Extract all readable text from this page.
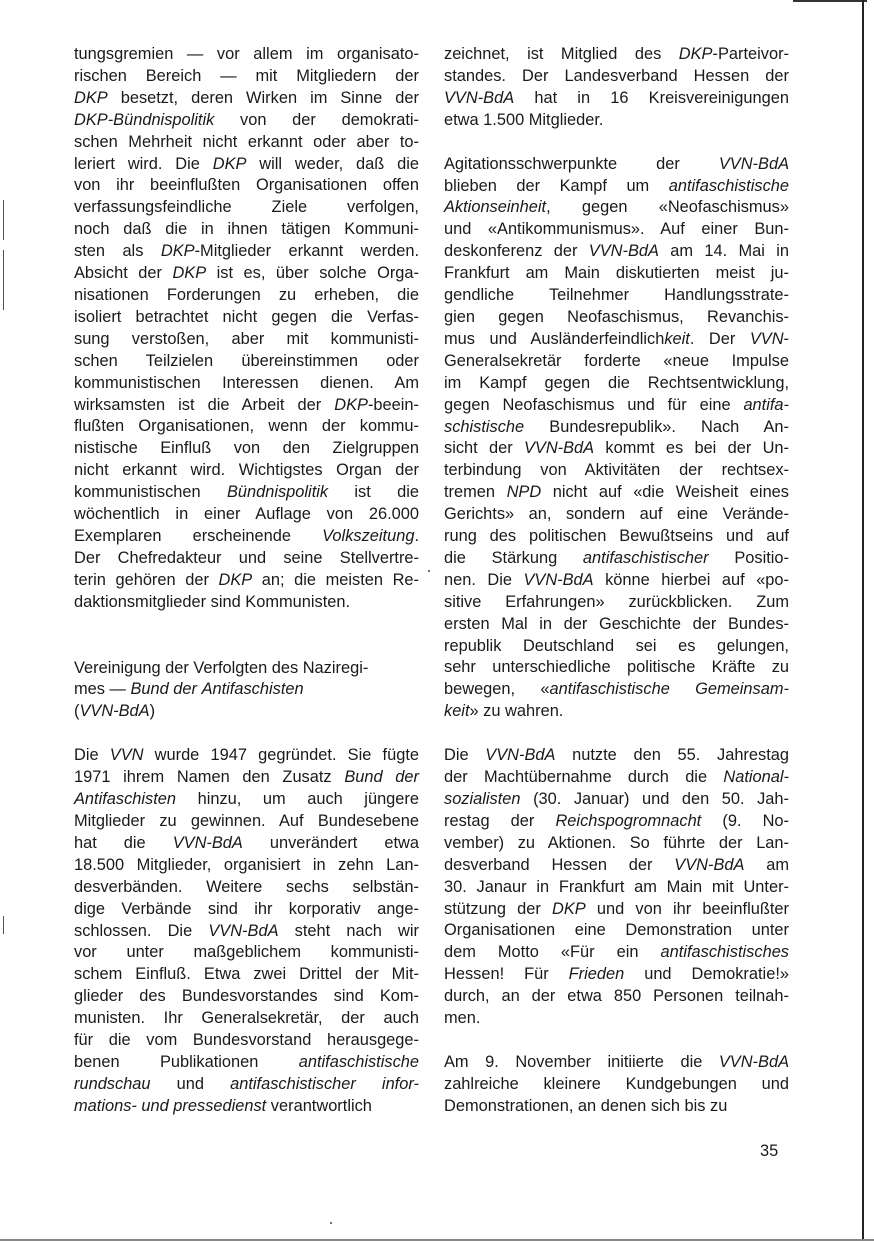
tungsgremien — vor allem im organisato-
rischen Bereich — mit Mitgliedern der
DKP besetzt, deren Wirken im Sinne der
DKP-Bündnispolitik von der demokrati-
schen Mehrheit nicht erkannt oder aber to-
leriert wird. Die DKP will weder, daß die
von ihr beeinflußten Organisationen offen
verfassungsfeindliche Ziele verfolgen,
noch daß die in ihnen tätigen Kommuni-
sten als DKP-Mitglieder erkannt werden.
Absicht der DKP ist es, über solche Orga-
nisationen Forderungen zu erheben, die
isoliert betrachtet nicht gegen die Verfas-
sung verstoßen, aber mit kommunisti-
schen Teilzielen übereinstimmen oder
kommunistischen Interessen dienen. Am
wirksamsten ist die Arbeit der DKP-beein-
flußten Organisationen, wenn der kommu-
nistische Einfluß von den Zielgruppen
nicht erkannt wird. Wichtigstes Organ der
kommunistischen Bündnispolitik ist die
wöchentlich in einer Auflage von 26.000
Exemplaren erscheinende Volkszeitung.
Der Chefredakteur und seine Stellvertre-
terin gehören der DKP an; die meisten Re-
daktionsmitglieder sind Kommunisten.

Vereinigung der Verfolgten des Naziregi-
mes — Bund der Antifaschisten
(VVN-BdA)

Die VVN wurde 1947 gegründet. Sie fügte
1971 ihrem Namen den Zusatz Bund der
Antifaschisten hinzu, um auch jüngere
Mitglieder zu gewinnen. Auf Bundesebene
hat die VVN-BdA unverändert etwa
18.500 Mitglieder, organisiert in zehn Lan-
desverbänden. Weitere sechs selbstän-
dige Verbände sind ihr korporativ ange-
schlossen. Die VVN-BdA steht nach wir
vor unter maßgeblichem kommunisti-
schem Einfluß. Etwa zwei Drittel der Mit-
glieder des Bundesvorstandes sind Kom-
munisten. Ihr Generalsekretär, der auch
für die vom Bundesvorstand herausgege-
benen Publikationen antifaschistische
rundschau und antifaschistischer infor-
mations- und pressedienst verantwortlich

zeichnet, ist Mitglied des DKP-Parteivor-
standes. Der Landesverband Hessen der
VVN-BdA hat in 16 Kreisvereinigungen
etwa 1.500 Mitglieder.

Agitationsschwerpunkte der VVN-BdA
blieben der Kampf um antifaschistische
Aktionseinheit, gegen «Neofaschismus»
und «Antikommunismus». Auf einer Bun-
deskonferenz der VVN-BdA am 14. Mai in
Frankfurt am Main diskutierten meist ju-
gendliche Teilnehmer Handlungsstrate-
gien gegen Neofaschismus, Revanchis-
mus und Ausländerfeindlichkeit. Der VVN-
Generalsekretär forderte «neue Impulse
im Kampf gegen die Rechtsentwicklung,
gegen Neofaschismus und für eine antifa-
schistische Bundesrepublik». Nach An-
sicht der VVN-BdA kommt es bei der Un-
terbindung von Aktivitäten der rechtsex-
tremen NPD nicht auf «die Weisheit eines
Gerichts» an, sondern auf eine Verände-
rung des politischen Bewußtseins und auf
die Stärkung antifaschistischer Positio-
nen. Die VVN-BdA könne hierbei auf «po-
sitive Erfahrungen» zurückblicken. Zum
ersten Mal in der Geschichte der Bundes-
republik Deutschland sei es gelungen,
sehr unterschiedliche politische Kräfte zu
bewegen, «antifaschistische Gemeinsam-
keit» zu wahren.

Die VVN-BdA nutzte den 55. Jahrestag
der Machtübernahme durch die National-
sozialisten (30. Januar) und den 50. Jah-
restag der Reichspogromnacht (9. No-
vember) zu Aktionen. So führte der Lan-
desverband Hessen der VVN-BdA am
30. Janaur in Frankfurt am Main mit Unter-
stützung der DKP und von ihr beeinflußter
Organisationen eine Demonstration unter
dem Motto «Für ein antifaschistisches
Hessen! Für Frieden und Demokratie!»
durch, an der etwa 850 Personen teilnah-
men.

Am 9. November initiierte die VVN-BdA
zahlreiche kleinere Kundgebungen und
Demonstrationen, an denen sich bis zu

35
